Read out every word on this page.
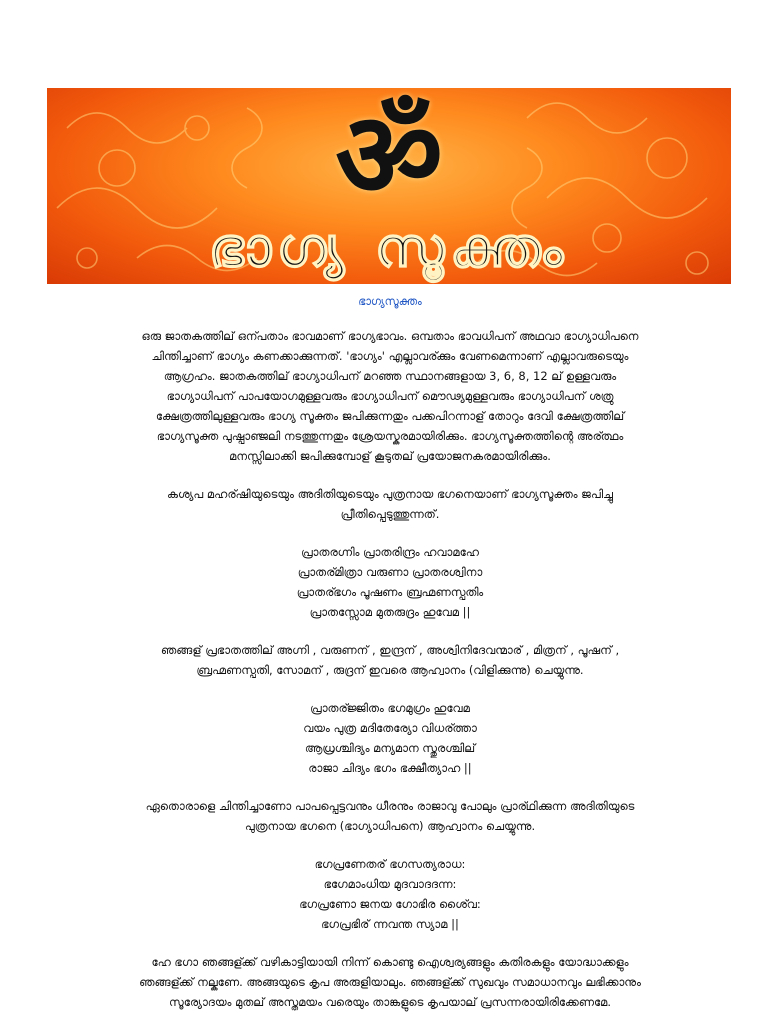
ॐ
ഭാഗ്യ സൂക്തം
ഭാഗ്യസൂക്തം
ഒരു ജാതകത്തില് ഒന്പതാം ഭാവമാണ് ഭാഗ്യഭാവം. ഒമ്പതാം ഭാവധിപന് അഥവാ ഭാഗ്യാധിപനെ
ചിന്തിച്ചാണ് ഭാഗ്യം കണക്കാക്കുന്നത്. 'ഭാഗ്യം' എല്ലാവര്ക്കും വേണമെന്നാണ് എല്ലാവരുടെയും
ആഗ്രഹം. ജാതകത്തില് ഭാഗ്യാധിപന് മറഞ്ഞ സ്ഥാനങ്ങളായ 3, 6, 8, 12 ല് ഉള്ളവരും
ഭാഗ്യാധിപന് പാപയോഗമുള്ളവരും ഭാഗ്യാധിപന് മൌഢ്യമുള്ളവരും ഭാഗ്യാധിപന് ശത്രു
ക്ഷേത്രത്തിലുള്ളവരും ഭാഗ്യ സൂക്തം ജപിക്കുന്നതും പക്കപിറന്നാള് തോറും ദേവി ക്ഷേത്രത്തില്
ഭാഗ്യസൂക്ത പുഷ്പാഞ്ജലി നടത്തുന്നതും ശ്രേയസ്കരമായിരിക്കും. ഭാഗ്യസൂക്തത്തിന്റെ അര്ത്ഥം
മനസ്സിലാക്കി ജപിക്കുമ്പോള് കൂടുതല് പ്രയോജനകരമായിരിക്കും.
കശ്യപ മഹര്ഷിയുടെയും അദിതിയുടെയും പുത്രനായ ഭഗനെയാണ് ഭാഗ്യസൂക്തം ജപിച്ചു
പ്രീതിപ്പെടുത്തുന്നത്.
പ്രാതരഗ്നിം പ്രാതരിന്ദ്രം ഹവാമഹേ
പ്രാതര്മിത്രാ വരുണാ പ്രാതരശ്വിനാ
പ്രാതര്ഭഗം പൂഷണം ബ്രഹ്മണസ്പതിം
പ്രാതസ്സോമ മുതരുദ്രം ഹുവേമ ||
ഞങ്ങള് പ്രഭാതത്തില് അഗ്നി , വരുണന് , ഇന്ദ്രന് , അശ്വിനിദേവന്മാര് , മിത്രന് , പൂഷന് ,
ബ്രഹ്മണസ്പതി, സോമന് , രുദ്രന് ഇവരെ ആഹ്വാനം (വിളിക്കുന്നു) ചെയ്യുന്നു.
പ്രാതര്ജ്ജിതം ഭഗമുഗ്രം ഹുവേമ
വയം പുത്ര മദിതേര്യോ വിധര്ത്താ
ആധ്രശ്ചിദ്യം മന്യമാന സ്തുരശ്ചില്
രാജാ ചിദ്യം ഭഗം ഭക്ഷീത്യാഹ ||
ഏതൊരാളെ ചിന്തിച്ചാണോ പാപപ്പെട്ടവനും ധീരനും രാജാവു പോലും പ്രാര്ഥിക്കുന്ന അദിതിയുടെ
പുത്രനായ ഭഗനെ (ഭാഗ്യാധിപനെ) ആഹ്വാനം ചെയ്യുന്നു.
ഭഗപ്രണേതര് ഭഗസത്യരാധ:
ഭഗേമാംധിയ മുദവാദദന്ന:
ഭഗപ്രണോ ജനയ ഗോഭിര ശൈ്വ:
ഭഗപ്രഭിര് ന്നവന്ത സ്യാമ ||
ഹേ ഭഗാ ഞങ്ങള്ക്ക് വഴികാട്ടിയായി നിന്ന് കൊണ്ടു ഐശ്വര്യങ്ങളും കതിരകളും യോദ്ധാക്കളും
ഞങ്ങള്ക്ക് നല്കണേ. അങ്ങയുടെ കൃപ അരുളിയാലും. ഞങ്ങള്ക്ക് സുഖവും സമാധാനവും ലഭിക്കാനും
സൂര്യോദയം മുതല് അസ്തമയം വരെയും താങ്കളുടെ കൃപയാല് പ്രസന്നരായിരിക്കേണമേ.
